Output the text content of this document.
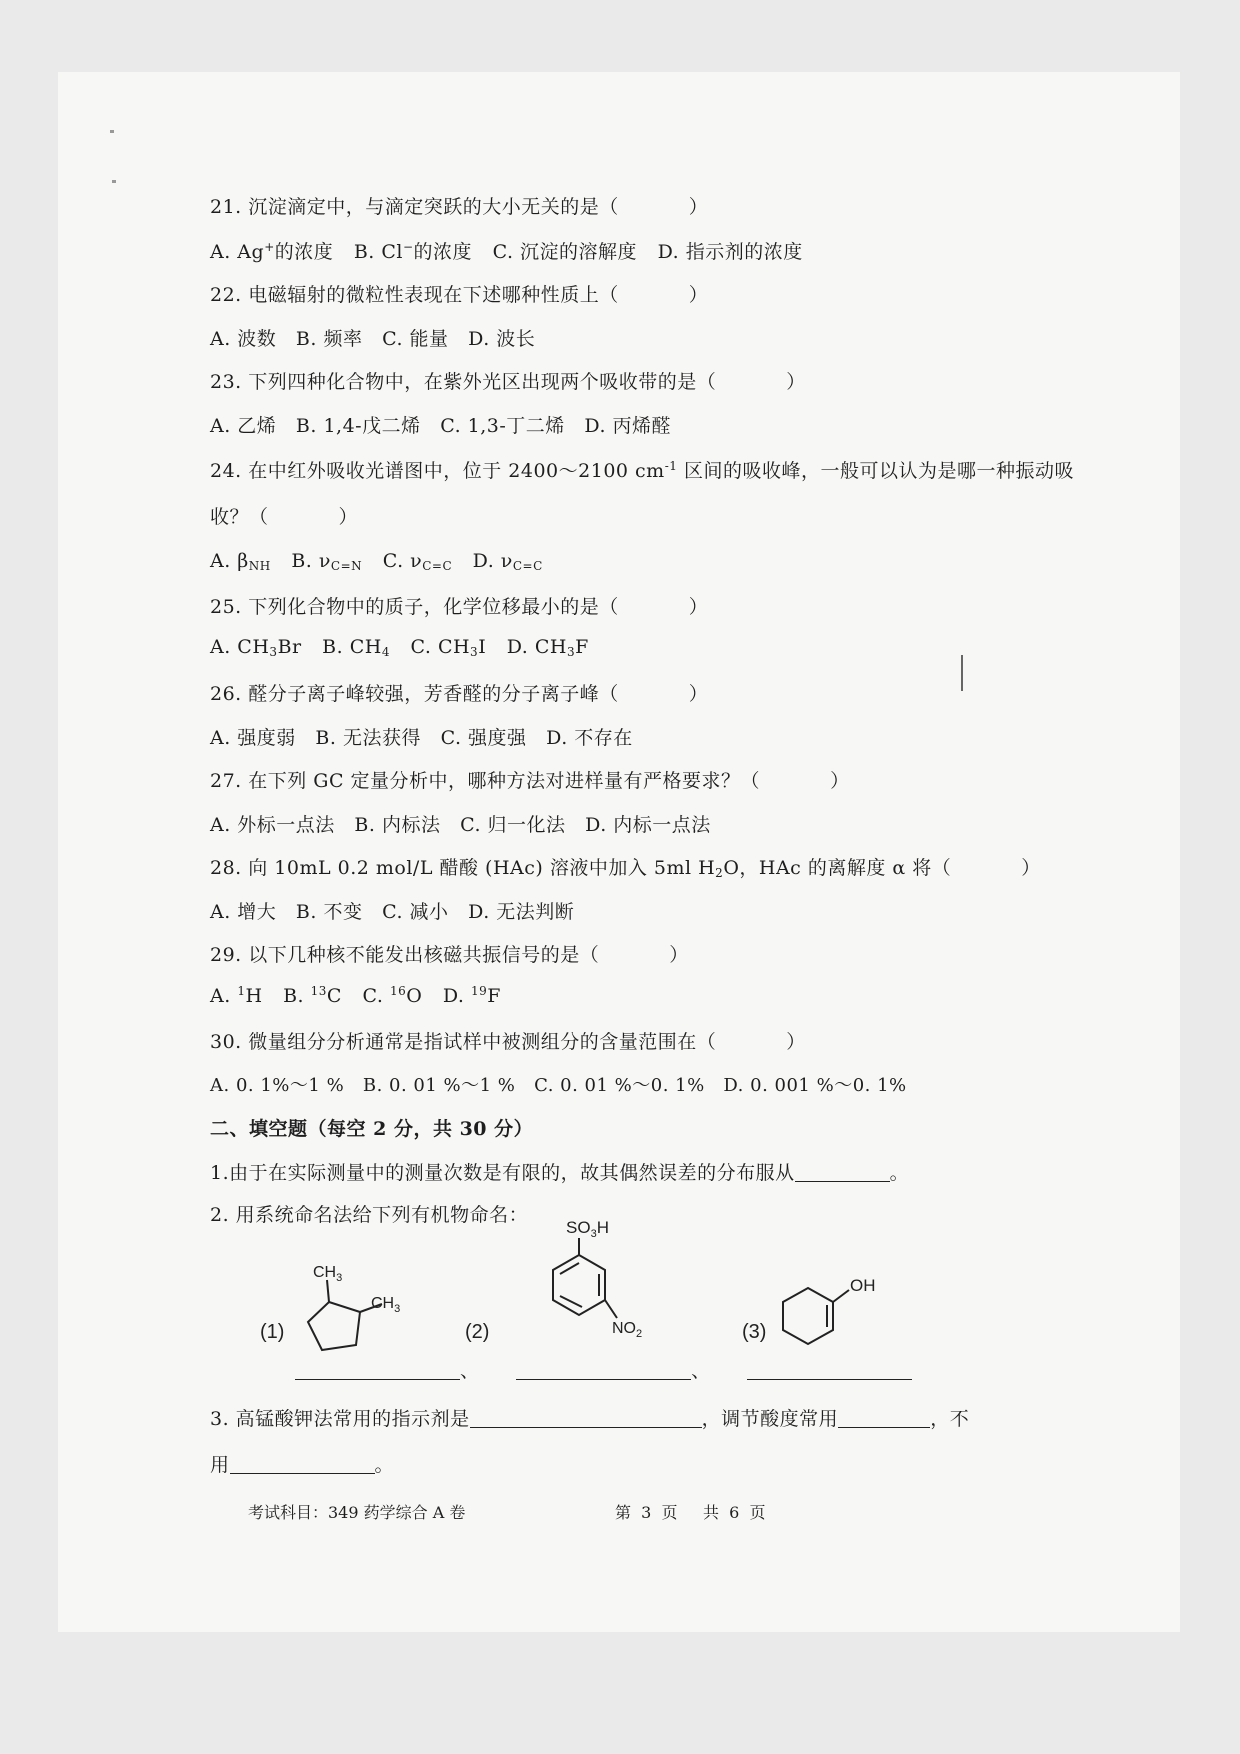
21. 沉淀滴定中，与滴定突跃的大小无关的是（	）
A. Ag+的浓度 B. Cl−的浓度 C. 沉淀的溶解度 D. 指示剂的浓度
22. 电磁辐射的微粒性表现在下述哪种性质上（	）
A. 波数   B. 频率   C. 能量   D. 波长
23. 下列四种化合物中，在紫外光区出现两个吸收带的是（	）
A. 乙烯   B. 1,4-戊二烯   C. 1,3-丁二烯   D. 丙烯醛
24. 在中红外吸收光谱图中，位于 2400～2100 $cm^{-1}$ 区间的吸收峰，一般可以认为是哪一种振动吸
收？（	）
A. $\beta_{NH}$ B. $\nu_{C=N}$ C. $\nu_{C=C}$ D. $\nu_{C=C}$
25. 下列化合物中的质子，化学位移最小的是（	）
A. $CH_3Br$ B. $CH_4$ C. $CH_3I$ D. $CH_3F$
26. 醛分子离子峰较强，芳香醛的分子离子峰（	）
A. 强度弱   B. 无法获得   C. 强度强   D. 不存在
27. 在下列 GC 定量分析中，哪种方法对进样量有严格要求？（	）
A. 外标一点法   B. 内标法   C. 归一化法   D. 内标一点法
28. 向 10mL 0.2 mol/L 醋酸 (HAc) 溶液中加入 5ml $H_2O$，HAc 的离解度 α 将（	）
A. 增大   B. 不变   C. 减小   D. 无法判断
29. 以下几种核不能发出核磁共振信号的是（	）
A. $^1$H B. $^{13}$C C. $^{16}$O D. $^{19}$F
30. 微量组分分析通常是指试样中被测组分的含量范围在（	）
A. 0. 1%～1 %   B. 0. 01 %～1 %   C. 0. 01 %～0. 1%   D. 0. 001 %～0. 1%
二、填空题（每空 2 分，共 30 分）
1.由于在实际测量中的测量次数是有限的，故其偶然误差的分布服从	。
2. 用系统命名法给下列有机物命名：
(1)
$CH_3$
$CH_3$
(2)
$SO_3H$
$NO_2$	(3)
OH
、	、
3. 高锰酸钾法常用的指示剂是	，调节酸度常用	，不
用	。
考试科目：349 药学综合 A 卷	第  3  页     共  6  页
